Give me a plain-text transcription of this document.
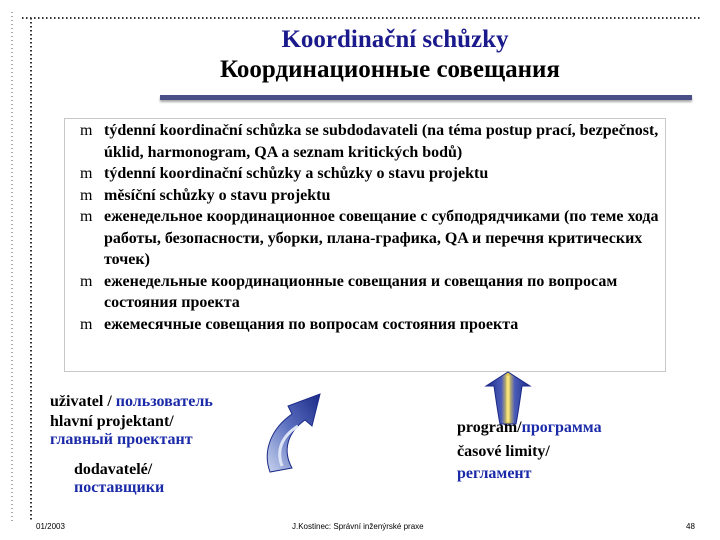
Koordinační schůzky
Координационные совещания
m týdenní koordinační schůzka se subdodavateli (na téma postup prací, bezpečnost, úklid, harmonogram, QA a seznam kritických bodů)
m týdenní koordinační schůzky a schůzky o stavu projektu
m měsíční schůzky o stavu projektu
m еженедельное координационное совещание с субподрядчиками (по теме хода работы, безопасности, уборки, плана-графика, QA и перечня критических точек)
m еженедельные координационные совещания и совещания по вопросам состояния проекта
m ежемесячные совещания по вопросам состояния проекта
uživatel / пользователь
hlavní projektant/
главный проектант
dodavatelé/
поставщики
program/программа
časové limity/
регламент
01/2003	J.Kostinec: Správní inženýrské praxe	48
